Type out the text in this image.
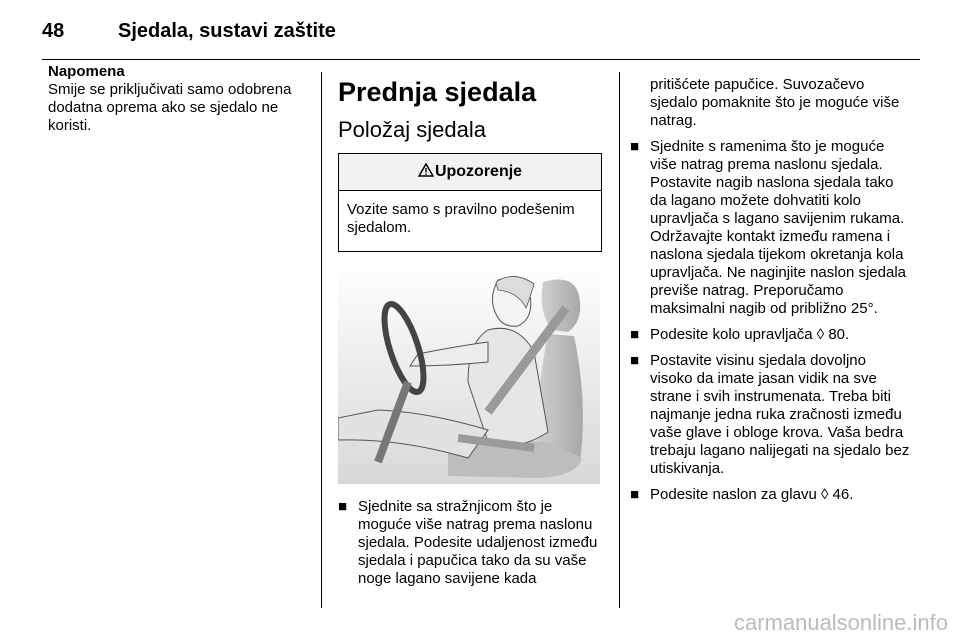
48	Sjedala, sustavi zaštite
Napomena
Smije se priključivati samo odobrena dodatna oprema ako se sjedalo ne koristi.
Prednja sjedala
Položaj sjedala
Upozorenje
Vozite samo s pravilno podešenim sjedalom.
■ Sjednite sa stražnjicom što je moguće više natrag prema naslonu sjedala. Podesite udaljenost između sjedala i papučica tako da su vaše noge lagano savijene kada
pritišćete papučice. Suvozačevo sjedalo pomaknite što je moguće više natrag.
■ Sjednite s ramenima što je moguće više natrag prema naslonu sjedala. Postavite nagib naslona sjedala tako da lagano možete dohvatiti kolo upravljača s lagano savijenim rukama. Održavajte kontakt između ramena i naslona sjedala tijekom okretanja kola upravljača. Ne naginjite naslon sjedala previše natrag. Preporučamo maksimalni nagib od približno 25°.
■ Podesite kolo upravljača ◊ 80.
■ Postavite visinu sjedala dovoljno visoko da imate jasan vidik na sve strane i svih instrumenata. Treba biti najmanje jedna ruka zračnosti između vaše glave i obloge krova. Vaša bedra trebaju lagano nalijegati na sjedalo bez utiskivanja.
■ Podesite naslon za glavu ◊ 46.
carmanualsonline.info
